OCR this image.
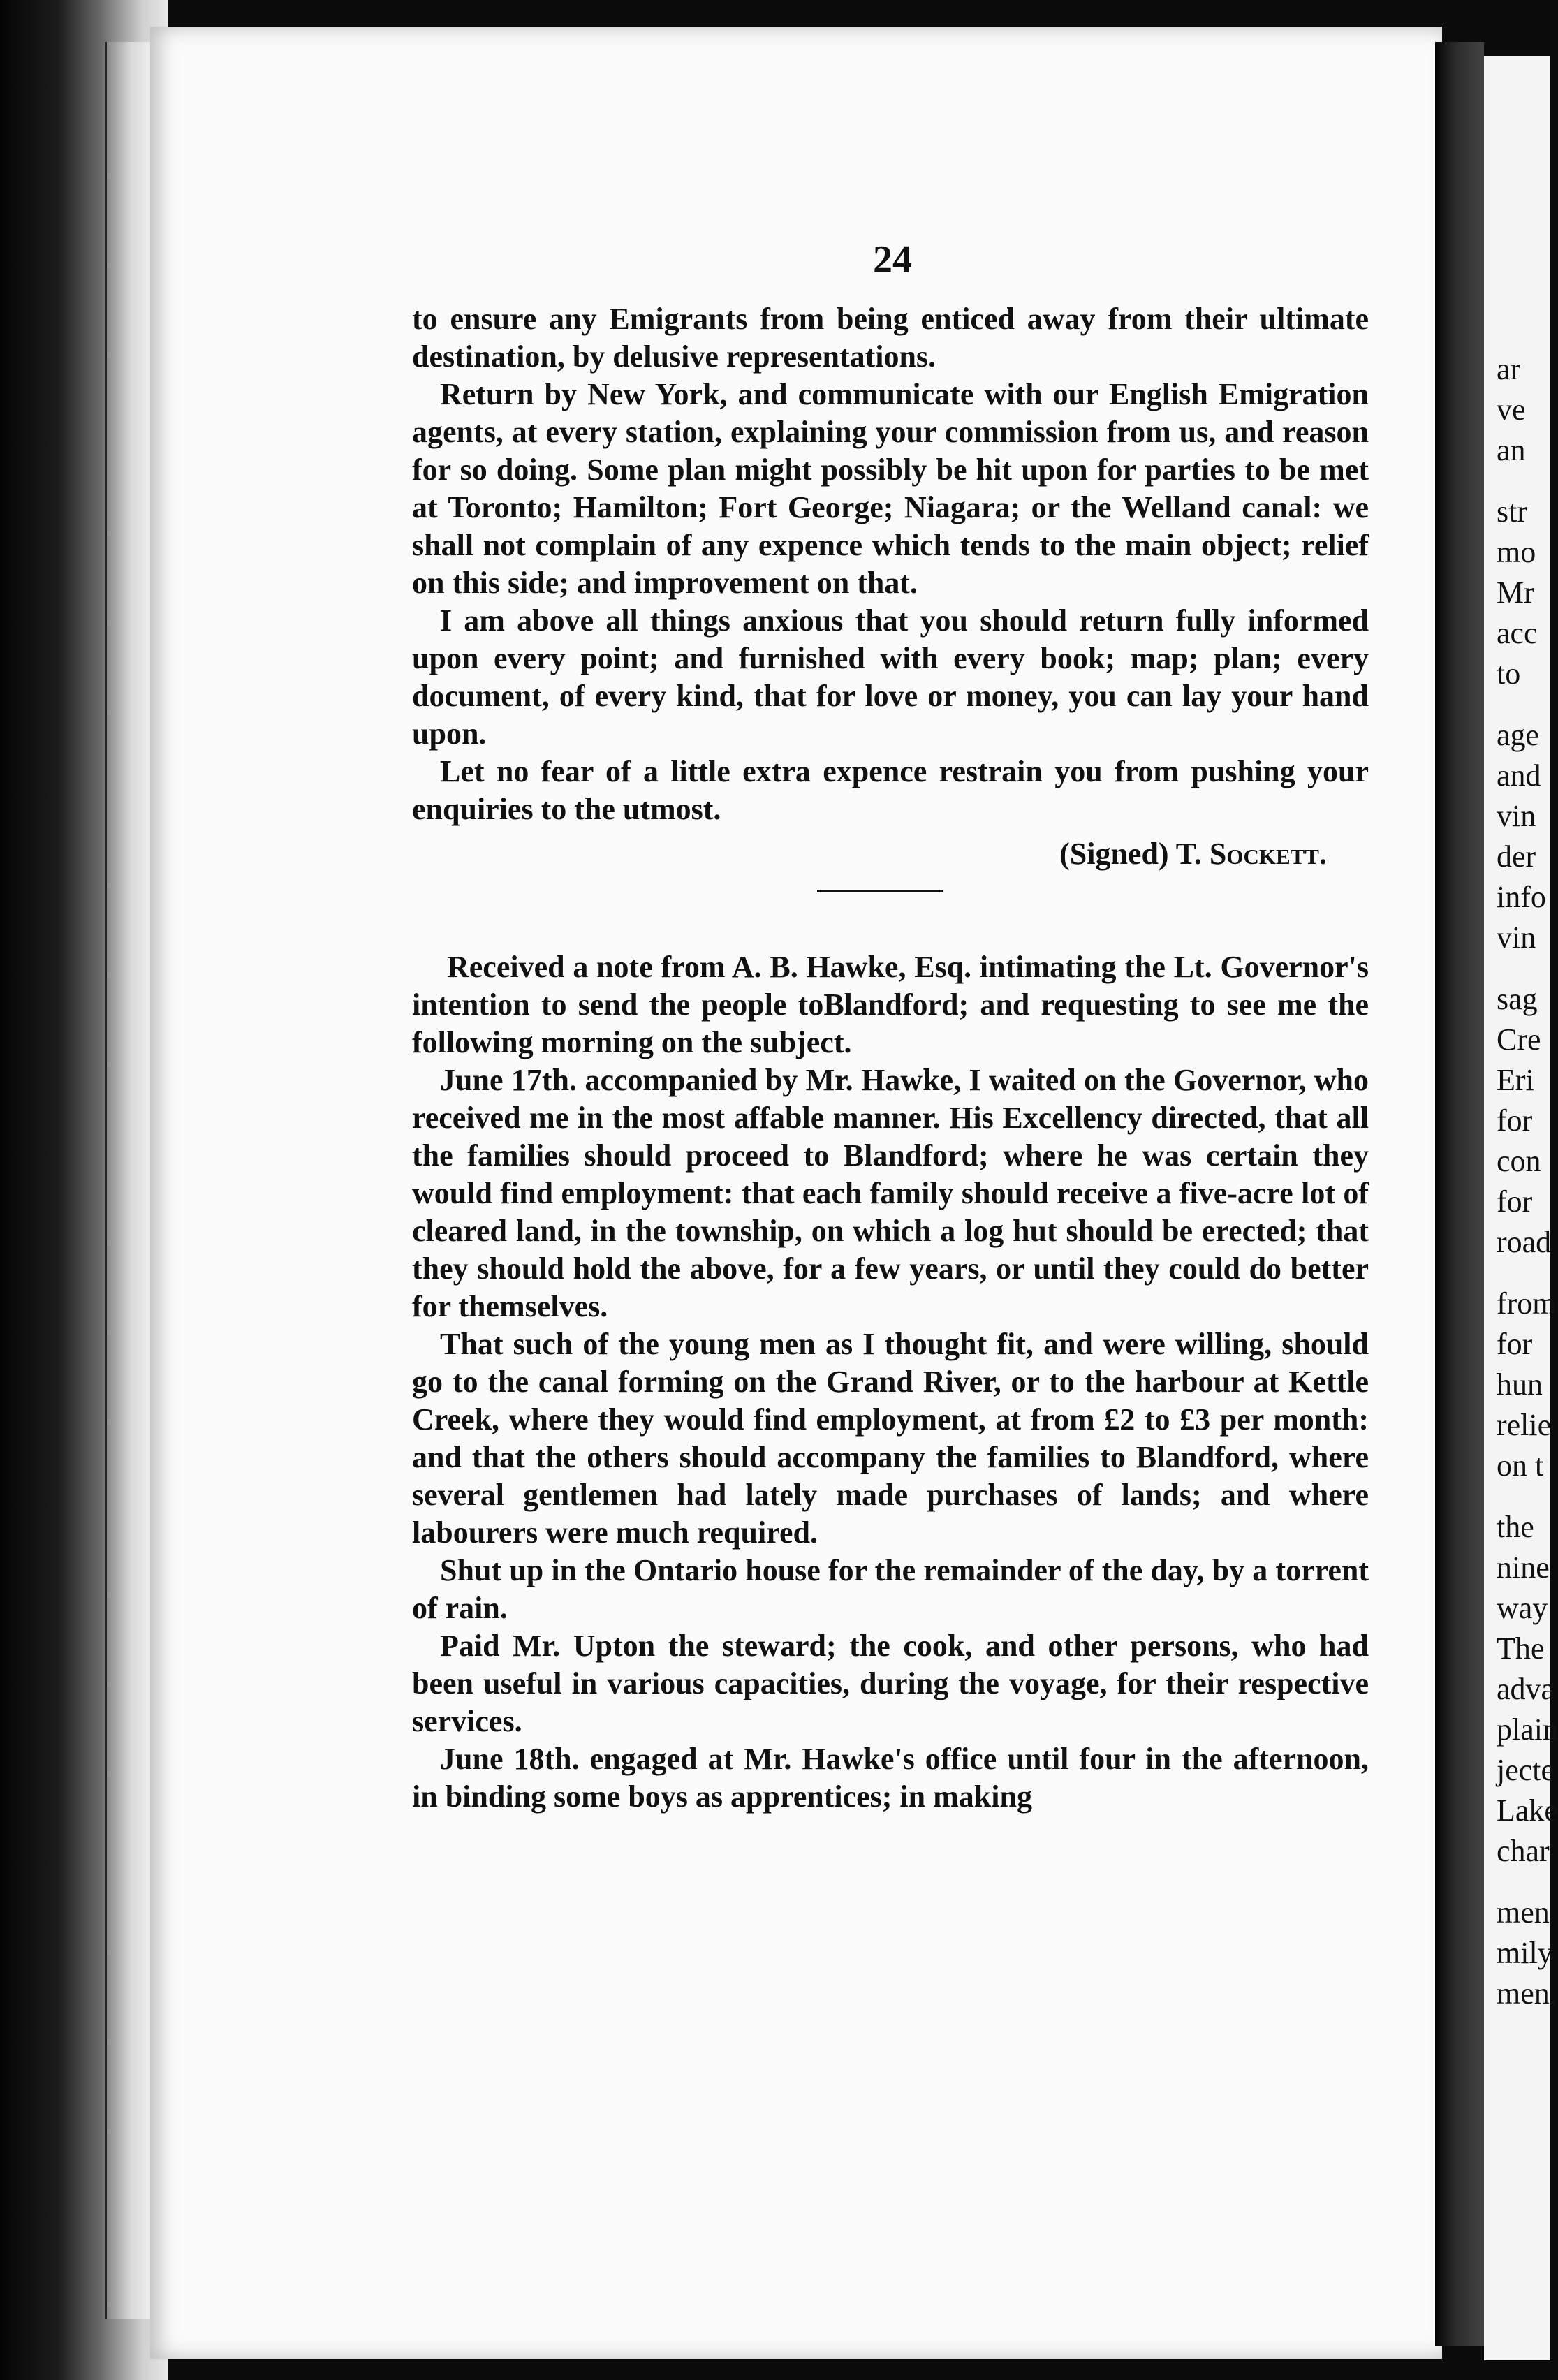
ar
ve
an
str
mo
Mr
acc
to
age
and
vin
der
info
vin
sag
Cre
Eri
for
con
for
road
from
for
hun
relie
on t
the
nine
way
The
adva
plain
jecte
Lake
char
men
mily
men,
24

to ensure any Emigrants from being enticed away from their ultimate destination, by delusive representations.

Return by New York, and communicate with our English Emigration agents, at every station, explaining your commission from us, and reason for so doing. Some plan might possibly be hit upon for parties to be met at Toronto; Hamilton; Fort George; Niagara; or the Welland canal: we shall not complain of any expence which tends to the main object; relief on this side; and improvement on that.

I am above all things anxious that you should return fully informed upon every point; and furnished with every book; map; plan; every document, of every kind, that for love or money, you can lay your hand upon.

Let no fear of a little extra expence restrain you from pushing your enquiries to the utmost.

(Signed) T. Sockett.

Received a note from A. B. Hawke, Esq. intimating the Lt. Governor's intention to send the people toBlandford; and requesting to see me the following morning on the subject.

June 17th. accompanied by Mr. Hawke, I waited on the Governor, who received me in the most affable manner. His Excellency directed, that all the families should proceed to Blandford; where he was certain they would find employment: that each family should receive a five-acre lot of cleared land, in the township, on which a log hut should be erected; that they should hold the above, for a few years, or until they could do better for themselves.

That such of the young men as I thought fit, and were willing, should go to the canal forming on the Grand River, or to the harbour at Kettle Creek, where they would find employment, at from £2 to £3 per month: and that the others should accompany the families to Blandford, where several gentlemen had lately made purchases of lands; and where labourers were much required.

Shut up in the Ontario house for the remainder of the day, by a torrent of rain.

Paid Mr. Upton the steward; the cook, and other persons, who had been useful in various capacities, during the voyage, for their respective services.

June 18th. engaged at Mr. Hawke's office until four in the afternoon, in binding some boys as apprentices; in making
